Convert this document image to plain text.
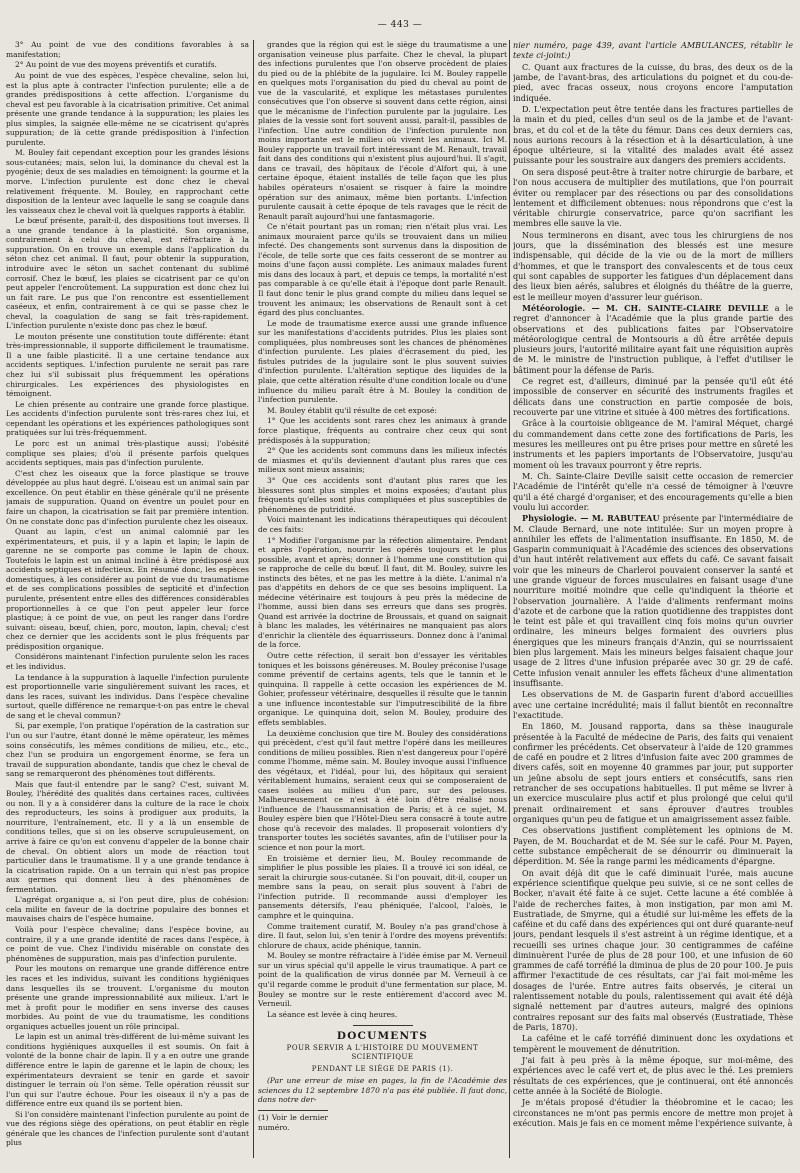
— 443 —

3° Au point de vue des conditions favorables à sa manifestation;

2° Au point de vue des moyens préventifs et curatifs.

Au point de vue des espèces, l'espèce chevaline, selon lui, est la plus apte à contracter l'infection purulente; elle a de grandes prédispositions à cette affection. L'organisme du cheval est peu favorable à la cicatrisation primitive. Cet animal présente une grande tendance à la suppuration; les plaies les plus simples, la saignée elle-même ne se cicatrisent qu'après suppuration; de là cette grande prédisposition à l'infection purulente.

M. Bouley fait cependant exception pour les grandes lésions sous-cutanées; mais, selon lui, la dominance du cheval est la pyogénie; deux de ses maladies en témoignent: la gourme et la morve. L'infection purulente est donc chez le cheval relativement fréquente. M. Bouley, en rapprochant cette disposition de la lenteur avec laquelle le sang se coagule dans les vaisseaux chez le cheval voit là quelques rapports à établir.

Le bœuf présente, paraît-il, des dispositions tout inverses. Il a une grande tendance à la plasticité. Son organisme, contrairement à celui du cheval, est réfractaire à la suppuration. On en trouve un exemple dans l'application du séton chez cet animal. Il faut, pour obtenir la suppuration, introduire avec le séton un sachet contenant du sublimé corrosif. Chez le bœuf, les plaies se cicatrisent par ce qu'on peut appeler l'encroûtement. La suppuration est donc chez lui un fait rare. Le pus que l'on rencontre est essentiellement caséeux, et enfin, contrairement à ce qui se passe chez le cheval, la coagulation de sang se fait très-rapidement. L'infection purulente n'existe donc pas chez le bœuf.

Le mouton présente une constitution toute différente: étant très-impressionnable, il supporte difficilement le traumatisme. Il a une faible plasticité. Il a une certaine tendance aux accidents septiques. L'infection purulente ne serait pas rare chez lui s'il subissait plus fréquemment les opérations chirurgicales. Les expériences des physiologistes en témoignent.

Le chien présente au contraire une grande force plastique. Les accidents d'infection purulente sont très-rares chez lui, et cependant les opérations et les expériences pathologiques sont pratiquées sur lui très-fréquemment.

Le porc est un animal très-plastique aussi; l'obésité complique ses plaies; d'où il présente parfois quelques accidents septiques, mais pas d'infection purulente.

C'est chez les oiseaux que la force plastique se trouve développée au plus haut degré. L'oiseau est un animal sain par excellence. On peut établir en thèse générale qu'il ne présente jamais de suppuration. Quand on éventre un poulet pour en faire un chapon, la cicatrisation se fait par première intention. On ne constate donc pas d'infection purulente chez les oiseaux.

Quant au lapin, c'est un animal calomnié par les expérimentateurs, et puis, il y a lapin et lapin; le lapin de garenne ne se comporte pas comme le lapin de choux. Toutefois le lapin est un animal incliné à être prédisposé aux accidents septiques et infectieux. En résumé donc, les espèces domestiques, à les considérer au point de vue du traumatisme et de ses complications possibles de septicité et d'infection purulente, présentent entre elles des différences considérables proportionnelles à ce que l'on peut appeler leur force plastique; à ce point de vue, on peut les ranger dans l'ordre suivant: oiseau, bœuf, chien, porc, mouton, lapin, cheval; c'est chez ce dernier que les accidents sont le plus fréquents par prédisposition organique.

Considérons maintenant l'infection purulente selon les races et les individus.

La tendance à la suppuration à laquelle l'infection purulente est proportionnelle varie singulièrement suivant les races, et dans les races, suivant les individus. Dans l'espèce chevaline surtout, quelle différence ne remarque-t-on pas entre le cheval de sang et le cheval commun?

Si, par exemple, l'on pratique l'opération de la castration sur l'un ou sur l'autre, étant donné le même opérateur, les mêmes soins consécutifs, les mêmes conditions de milieu, etc., etc., chez l'un se produira un engorgement énorme, se fera un travail de suppuration abondante, tandis que chez le cheval de sang se remarqueront des phénomènes tout différents.

Mais que faut-il entendre par le sang? C'est, suivant M. Bouley, l'hérédité des qualités dans certaines races, cultivées ou non. Il y a à considérer dans la culture de la race le choix des reproducteurs, les soins à prodiguer aux produits, la nourriture, l'entraînement, etc. Il y a là un ensemble de conditions telles, que si on les observe scrupuleusement, on arrive à faire ce qu'on est convenu d'appeler de la bonne chair de cheval. On obtient alors un mode de réaction tout particulier dans le traumatisme. Il y a une grande tendance à la cicatrisation rapide. On a un terrain qui n'est pas propice aux germes qui donnent lieu à des phénomènes de fermentation.

L'agrégat organique a, si l'on peut dire, plus de cohésion: cela milite en faveur de la doctrine populaire des bonnes et mauvaises chairs de l'espèce humaine.

Voilà pour l'espèce chevaline; dans l'espèce bovine, au contraire, il y a une grande identité de races dans l'espèce, à ce point de vue. Chez l'individu misérable on constate des phénomènes de suppuration, mais pas d'infection purulente.

Pour les moutons on remarque une grande différence entre les races et les individus, suivant les conditions hygiéniques dans lesquelles ils se trouvent. L'organisme du mouton présente une grande impressionnabilité aux milieux. L'art le met à profit pour le modifier en sens inverse des causes morbides. Au point de vue du traumatisme, les conditions organiques actuelles jouent un rôle principal.

Le lapin est un animal très-différent de lui-même suivant les conditions hygiéniques auxquelles il est soumis. On fait à volonté de la bonne chair de lapin. Il y a en outre une grande différence entre le lapin de garenne et le lapin de choux; les expérimentateurs devraient se tenir en garde et savoir distinguer le terrain où l'on sème. Telle opération réussit sur l'un qui sur l'autre échoue. Pour les oiseaux il n'y a pas de différence entre eux quand ils se portent bien.

Si l'on considère maintenant l'infection purulente au point de vue des régions siège des opérations, on peut établir en règle générale que les chances de l'infection purulente sont d'autant plus

grandes que la région qui est le siège du traumatisme a une organisation veineuse plus parfaite. Chez le cheval, la plupart des infections purulentes que l'on observe procèdent de plaies du pied ou de la phlébite de la jugulaire. Ici M. Bouley rappelle en quelques mots l'organisation du pied du cheval au point de vue de la vascularité, et explique les métastases purulentes consécutives que l'on observe si souvent dans cette région, ainsi que le mécanisme de l'infection purulente par la jugulaire. Les plaies de la vessie sont fort souvent aussi, paraît-il, passibles de l'infection. Une autre condition de l'infection purulente non moins importante est le milieu où vivent les animaux. Ici M. Bouley rapporte un travail fort intéressant de M. Renault, travail fait dans des conditions qui n'existent plus aujourd'hui. Il s'agit, dans ce travail, des hôpitaux de l'école d'Alfort qui, à une certaine époque, étaient installés de telle façon que les plus habiles opérateurs n'osaient se risquer à faire la moindre opération sur des animaux, même bien portants. L'infection purulente causait à cette époque de tels ravages que le récit de Renault paraît aujourd'hui une fantasmagorie.

Ce n'était pourtant pas un roman; rien n'était plus vrai. Les animaux mouraient parce qu'ils se trouvaient dans un milieu infecté. Des changements sont survenus dans la disposition de l'école, de telle sorte que ces faits cesseront de se montrer au moins d'une façon aussi complète. Les animaux malades furent mis dans des locaux à part, et depuis ce temps, la mortalité n'est pas comparable à ce qu'elle était à l'époque dont parle Renault. Il faut donc tenir le plus grand compte du milieu dans lequel se trouvent les animaux; les observations de Renault sont à cet égard des plus concluantes.

Le mode de traumatisme exerce aussi une grande influence sur les manifestations d'accidents putrides. Plus les plaies sont compliquées, plus nombreuses sont les chances de phénomènes d'infection purulente. Les plaies d'écrasement du pied, les fistules putrides de la jugulaire sont le plus souvent suivies d'infection purulente. L'altération septique des liquides de la plaie, que cette altération résulte d'une condition locale ou d'une influence du milieu paraît être à M. Bouley la condition de l'infection purulente.

M. Bouley établit qu'il résulte de cet exposé:

1° Que les accidents sont rares chez les animaux à grande force plastique, fréquents au contraire chez ceux qui sont prédisposés à la suppuration;

2° Que les accidents sont communs dans les milieux infectés de miasmes et qu'ils deviennent d'autant plus rares que ces milieux sont mieux assainis;

3° Que ces accidents sont d'autant plus rares que les blessures sont plus simples et moins exposées; d'autant plus fréquents qu'elles sont plus compliquées et plus susceptibles de phénomènes de putridité.

Voici maintenant les indications thérapeutiques qui découlent de ces faits:

1° Modifier l'organisme par la réfection alimentaire. Pendant et après l'opération, nourrir les opérés toujours et le plus possible, avant et après; donner à l'homme une constitution qui se rapproche de celle du bœuf. Il faut, dit M. Bouley, suivre les instincts des bêtes, et ne pas les mettre à la diète. L'animal n'a pas d'appétits en dehors de ce que ses besoins impliquent. La médecine vétérinaire est toujours à peu près la médecine de l'homme, aussi bien dans ses erreurs que dans ses progrès. Quand est arrivée la doctrine de Broussais, et quand on saignait à blanc les malades, les vétérinaires ne manquaient pas alors d'enrichir la clientèle des équarrisseurs. Donnez donc à l'animal de la force.

Outre cette réfection, il serait bon d'essayer les véritables toniques et les boissons généreuses. M. Bouley préconise l'usage comme préventif de certains agents, tels que le tannin et le quinquina. Il rappelle à cette occasion les expériences de M. Gohier, professeur vétérinaire, desquelles il résulte que le tannin a une influence incontestable sur l'imputrescibilité de la fibre organique. Le quinquina doit, selon M. Bouley, produire des effets semblables.

La deuxième conclusion que tire M. Bouley des considérations qui précèdent, c'est qu'il faut mettre l'opéré dans les meilleures conditions de milieu possibles. Rien n'est dangereux pour l'opéré comme l'homme, même sain. M. Bouley invoque aussi l'influence des végétaux, et l'idéal, pour lui, des hôpitaux qui seraient véritablement humains, seraient ceux qui se composeraient de cases isolées au milieu d'un parc, sur des pelouses. Malheureusement ce n'est à été loin d'être réalisé nous l'influence de l'haussmannisation de Paris; et à ce sujet, M. Bouley espère bien que l'Hôtel-Dieu sera consacré à toute autre chose qu'à recevoir des malades. Il proposerait volontiers d'y transporter toutes les sociétés savantes, afin de l'utiliser pour la science et non pour la mort.

En troisième et dernier lieu, M. Bouley recommande de simplifier le plus possible les plaies. Il a trouvé ici son idéal, ce serait la chirurgie sous-cutanée. Si l'on pouvait, dit-il, couper un membre sans la peau, on serait plus souvent à l'abri de l'infection putride. Il recommande aussi d'employer les pansements détersifs, l'eau phéniquée, l'alcool, l'aloès, le camphre et le quinquina.

Comme traitement curatif, M. Bouley n'a pas grand'chose à dire. Il faut, selon lui, s'en tenir à l'ordre des moyens préventifs: chlorure de chaux, acide phénique, tannin.

M. Bouley se montre réfractaire à l'idée émise par M. Verneuil sur un virus spécial qu'il appelle le virus traumatique. A part ce point de la qualification de virus donnée par M. Verneuil à ce qu'il regarde comme le produit d'une fermentation sur place, M. Bouley se montre sur le reste entièrement d'accord avec M. Verneuil.

La séance est levée à cinq heures.

DOCUMENTS
POUR SERVIR A L'HISTOIRE DU MOUVEMENT SCIENTIFIQUE
PENDANT LE SIÈGE DE PARIS (1).

(Par une erreur de mise en pages, la fin de l'Académie des sciences du 12 septembre 1870 n'a pas été publiée. Il faut donc, dans notre der-

(1) Voir le dernier numéro.

nier numéro, page 439, avant l'article AMBULANCES, rétablir le texte ci-joint:)

C. Quant aux fractures de la cuisse, du bras, des deux os de la jambe, de l'avant-bras, des articulations du poignet et du cou-de-pied, avec fracas osseux, nous croyons encore l'amputation indiquée.

D. L'expectation peut être tentée dans les fractures partielles de la main et du pied, celles d'un seul os de la jambe et de l'avant-bras, et du col et de la tête du fémur. Dans ces deux derniers cas, nous aurions recours à la résection et à la désarticulation, à une époque ultérieure, si la vitalité des malades avait été assez puissante pour les soustraire aux dangers des premiers accidents.

On sera disposé peut-être à traiter notre chirurgie de barbare, et l'on nous accusera de multiplier des mutilations, que l'on pourrait éviter ou remplacer par des résections ou par des consolidations lentement et difficilement obtenues: nous répondrons que c'est la véritable chirurgie conservatrice, parce qu'on sacrifiant les membres elle sauve la vie.

Nous terminerons en disant, avec tous les chirurgiens de nos jours, que la dissémination des blessés est une mesure indispensable, qui décide de la vie ou de la mort de milliers d'hommes, et que le transport des convalescents et de tous ceux qui sont capables de supporter les fatigues d'un déplacement dans des lieux bien aérés, salubres et éloignés du théâtre de la guerre, est le meilleur moyen d'assurer leur guérison.

Météorologie. — M. CH. SAINTE-CLAIRE DEVILLE a le regret d'annoncer à l'Académie que la plus grande partie des observations et des publications faites par l'Observatoire météorologique central de Montsouris a dû être arrêtée depuis plusieurs jours, l'autorité militaire ayant fait une réquisition auprès de M. le ministre de l'instruction publique, à l'effet d'utiliser le bâtiment pour la défense de Paris.

Ce regret est, d'ailleurs, diminué par la pensée qu'il eût été impossible de conserver en sécurité des instruments fragiles et délicats dans une construction en partie composée de bois, recouverte par une vitrine et située à 400 mètres des fortifications.

Grâce à la courtoisie obligeance de M. l'amiral Méquet, chargé du commandement dans cette zone des fortifications de Paris, les mesures les meilleures ont pu être prises pour mettre en sûreté les instruments et les papiers importants de l'Observatoire, jusqu'au moment où les travaux pourront y être repris.

M. Ch. Sainte-Claire Deville saisit cette occasion de remercier l'Académie de l'intérêt qu'elle n'a cessé de témoigner à l'œuvre qu'il a été chargé d'organiser, et des encouragements qu'elle a bien voulu lui accorder.

Physiologie. — M. RABUTEAU présente par l'intermédiaire de M. Claude Bernard, une note intitulée: Sur un moyen propre à annihiler les effets de l'alimentation insuffisante. En 1850, M. de Gasparin communiquait à l'Académie des sciences des observations d'un haut intérêt relativement aux effets du café. Ce savant faisait voir que les mineurs de Charleroi pouvaient conserver la santé et une grande vigueur de forces musculaires en faisant usage d'une nourriture moitié moindre que celle qu'indiquent la théorie et l'observation journalière. A l'aide d'aliments renfermant moins d'azote et de carbone que la ration quotidienne des trappistes dont le teint est pâle et qui travaillent cinq fois moins qu'un ouvrier ordinaire, les mineurs belges formaient des ouvriers plus énergiques que les mineurs français d'Anzin, qui se nourrissaient bien plus largement. Mais les mineurs belges faisaient chaque jour usage de 2 litres d'une infusion préparée avec 30 gr. 29 de café. Cette infusion venait annuler les effets fâcheux d'une alimentation insuffisante.

Les observations de M. de Gasparin furent d'abord accueillies avec une certaine incrédulité; mais il fallut bientôt en reconnaître l'exactitude.

En 1860, M. Jousand rapporta, dans sa thèse inaugurale présentée à la Faculté de médecine de Paris, des faits qui venaient confirmer les précédents. Cet observateur à l'aide de 120 grammes de café en poudre et 2 litres d'infusion faite avec 200 grammes de divers cafés, soit en moyenne 40 grammes par jour, put supporter un jeûne absolu de sept jours entiers et consécutifs, sans rien retrancher de ses occupations habituelles. Il put même se livrer à un exercice musculaire plus actif et plus prolongé que celui qu'il prenait ordinairement et sans éprouver d'autres troubles organiques qu'un peu de fatigue et un amaigrissement assez faible.

Ces observations justifient complètement les opinions de M. Payen, de M. Bouchardat et de M. Sée sur le café. Pour M. Payen, cette substance empêcherait de se dénourrir ou diminuerait la déperdition. M. Sée la range parmi les médicaments d'épargne.

On avait déjà dit que le café diminuait l'urée, mais aucune expérience scientifique quelque peu suivie, si ce ne sont celles de Bocker, n'avait été faite à ce sujet. Cette lacune a été comblée à l'aide de recherches faites, à mon instigation, par mon ami M. Eustratiade, de Smyrne, qui a étudié sur lui-même les effets de la caféine et du café dans des expériences qui ont duré quarante-neuf jours, pendant lesquels il s'est astreint à un régime identique, et a recueilli ses urines chaque jour. 30 centigrammes de caféine diminuèrent l'urée de plus de 28 pour 100, et une infusion de 60 grammes de café torréfié la diminua de plus de 20 pour 100. Je puis affirmer l'exactitude de ces résultats, car j'ai fait moi-même les dosages de l'urée. Entre autres faits observés, je citerai un ralentissement notable du pouls, ralentissement qui avait été déjà signalé nettement par d'autres auteurs, malgré des opinions contraires reposant sur des faits mal observés (Eustratiade, Thèse de Paris, 1870).

La caféine et le café torréfié diminuent donc les oxydations et tempèrent le mouvement de dénutrition.

J'ai fait à peu près à la même époque, sur moi-même, des expériences avec le café vert et, de plus avec le thé. Les premiers résultats de ces expériences, que je continuerai, ont été annoncés cette année à la Société de Biologie.

Je m'étais proposé d'étudier la théobromine et le cacao; les circonstances ne m'ont pas permis encore de mettre mon projet à exécution. Mais je fais en ce moment même l'expérience suivante, à
